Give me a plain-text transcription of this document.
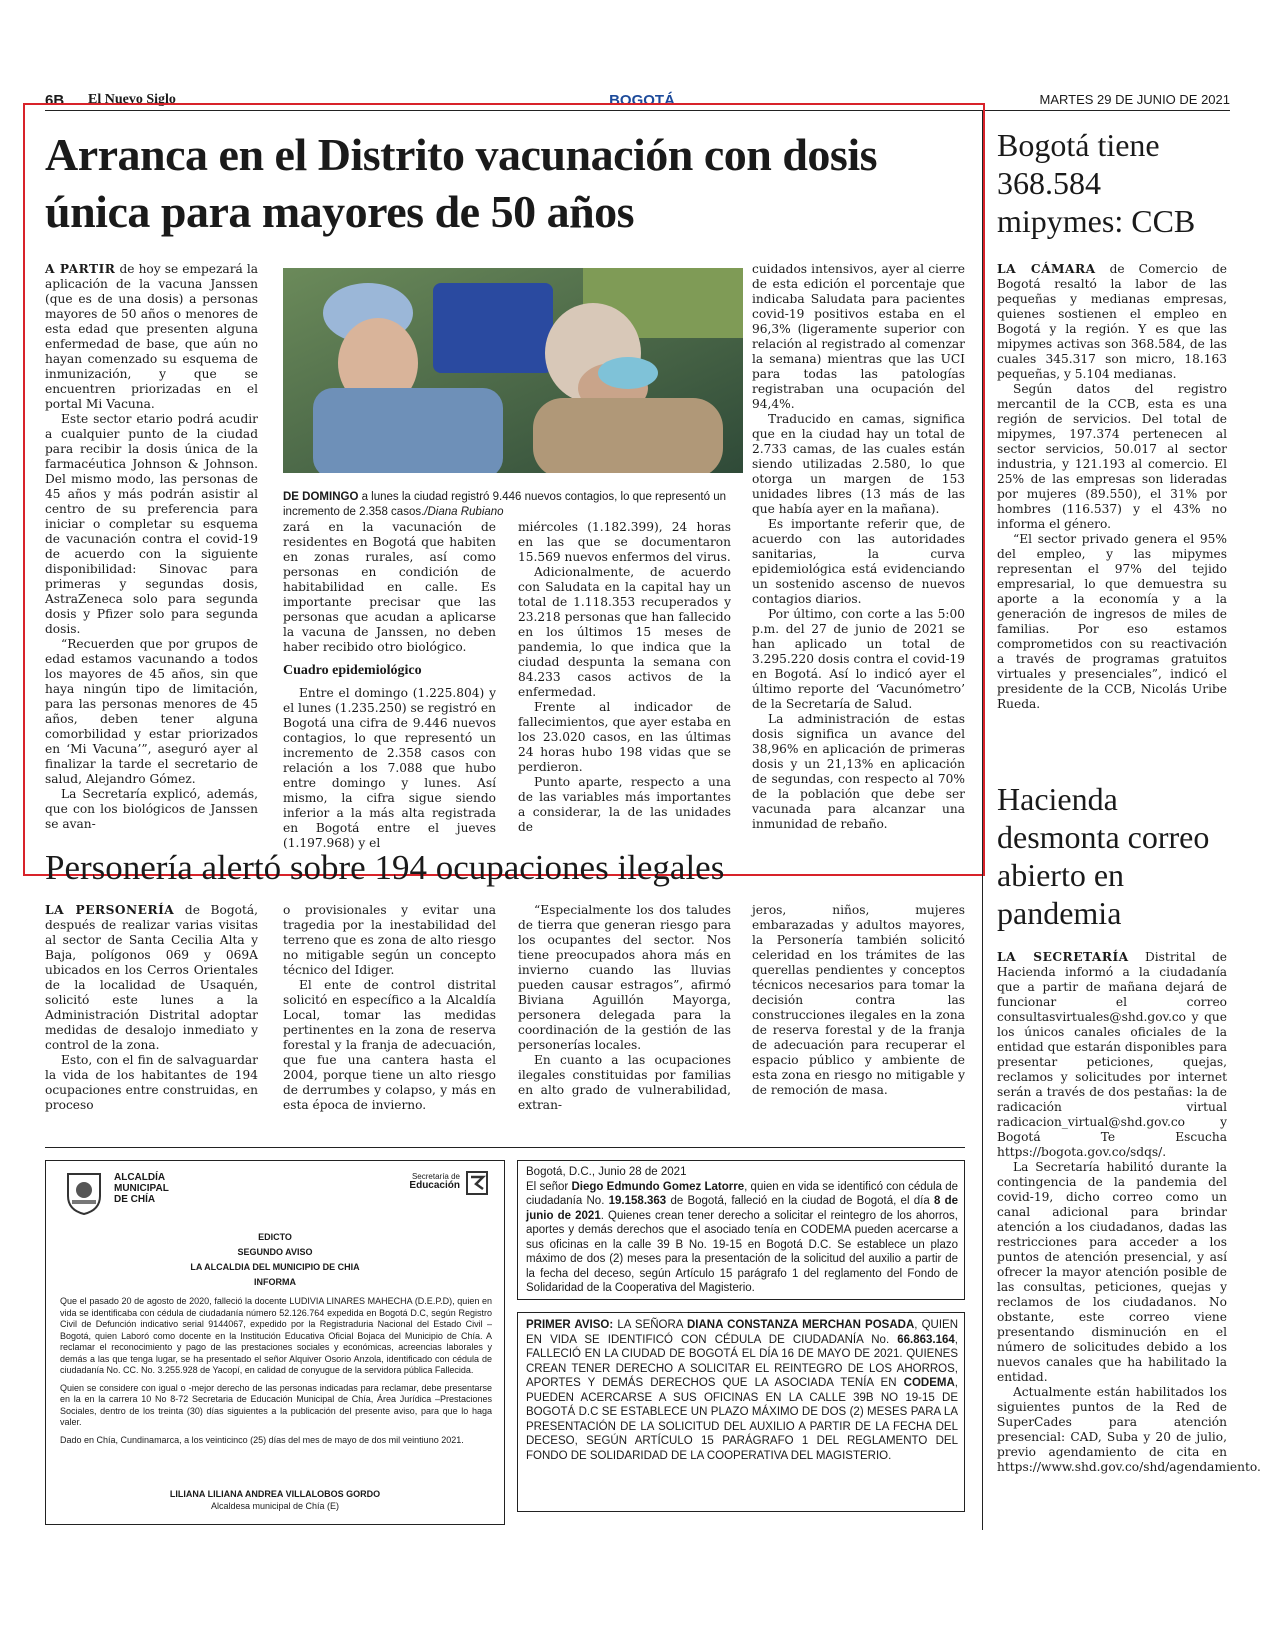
6B El Nuevo Siglo	BOGOTÁ	MARTES 29 DE JUNIO DE 2021
Arranca en el Distrito vacunación con dosis única para mayores de 50 años

A PARTIR de hoy se empezará la aplicación de la vacuna Janssen (que es de una dosis) a personas mayores de 50 años o menores de esta edad que presenten alguna enfermedad de base, que aún no hayan comenzado su esquema de inmunización, y que se encuentren priorizadas en el portal Mi Vacuna.

Este sector etario podrá acudir a cualquier punto de la ciudad para recibir la dosis única de la farmacéutica Johnson & Johnson. Del mismo modo, las personas de 45 años y más podrán asistir al centro de su preferencia para iniciar o completar su esquema de vacunación contra el covid-19 de acuerdo con la siguiente disponibilidad: Sinovac para primeras y segundas dosis, AstraZeneca solo para segunda dosis y Pfizer solo para segunda dosis.

“Recuerden que por grupos de edad estamos vacunando a todos los mayores de 45 años, sin que haya ningún tipo de limitación, para las personas menores de 45 años, deben tener alguna comorbilidad y estar priorizados en ‘Mi Vacuna’”, aseguró ayer al finalizar la tarde el secretario de salud, Alejandro Gómez.

La Secretaría explicó, además, que con los biológicos de Janssen se avan-

DE DOMINGO a lunes la ciudad registró 9.446 nuevos contagios, lo que representó un incremento de 2.358 casos./Diana Rubiano

zará en la vacunación de residentes en Bogotá que habiten en zonas rurales, así como personas en condición de habitabilidad en calle. Es importante precisar que las personas que acudan a aplicarse la vacuna de Janssen, no deben haber recibido otro biológico.

Cuadro epidemiológico

Entre el domingo (1.225.804) y el lunes (1.235.250) se registró en Bogotá una cifra de 9.446 nuevos contagios, lo que representó un incremento de 2.358 casos con relación a los 7.088 que hubo entre domingo y lunes. Así mismo, la cifra sigue siendo inferior a la más alta registrada en Bogotá entre el jueves (1.197.968) y el

miércoles (1.182.399), 24 horas en las que se documentaron 15.569 nuevos enfermos del virus.

Adicionalmente, de acuerdo con Saludata en la capital hay un total de 1.118.353 recuperados y 23.218 personas que han fallecido en los últimos 15 meses de pandemia, lo que indica que la ciudad despunta la semana con 84.233 casos activos de la enfermedad.

Frente al indicador de fallecimientos, que ayer estaba en los 23.020 casos, en las últimas 24 horas hubo 198 vidas que se perdieron.

Punto aparte, respecto a una de las variables más importantes a considerar, la de las unidades de

cuidados intensivos, ayer al cierre de esta edición el porcentaje que indicaba Saludata para pacientes covid-19 positivos estaba en el 96,3% (ligeramente superior con relación al registrado al comenzar la semana) mientras que las UCI para todas las patologías registraban una ocupación del 94,4%.

Traducido en camas, significa que en la ciudad hay un total de 2.733 camas, de las cuales están siendo utilizadas 2.580, lo que otorga un margen de 153 unidades libres (13 más de las que había ayer en la mañana).

Es importante referir que, de acuerdo con las autoridades sanitarias, la curva epidemiológica está evidenciando un sostenido ascenso de nuevos contagios diarios.

Por último, con corte a las 5:00 p.m. del 27 de junio de 2021 se han aplicado un total de 3.295.220 dosis contra el covid-19 en Bogotá. Así lo indicó ayer el último reporte del ‘Vacunómetro’ de la Secretaría de Salud.

La administración de estas dosis significa un avance del 38,96% en aplicación de primeras dosis y un 21,13% en aplicación de segundas, con respecto al 70% de la población que debe ser vacunada para alcanzar una inmunidad de rebaño.

Personería alertó sobre 194 ocupaciones ilegales

LA PERSONERÍA de Bogotá, después de realizar varias visitas al sector de Santa Cecilia Alta y Baja, polígonos 069 y 069A ubicados en los Cerros Orientales de la localidad de Usaquén, solicitó este lunes a la Administración Distrital adoptar medidas de desalojo inmediato y control de la zona.

Esto, con el fin de salvaguardar la vida de los habitantes de 194 ocupaciones entre construidas, en proceso

o provisionales y evitar una tragedia por la inestabilidad del terreno que es zona de alto riesgo no mitigable según un concepto técnico del Idiger.

El ente de control distrital solicitó en específico a la Alcaldía Local, tomar las medidas pertinentes en la zona de reserva forestal y la franja de adecuación, que fue una cantera hasta el 2004, porque tiene un alto riesgo de derrumbes y colapso, y más en esta época de invierno.

“Especialmente los dos taludes de tierra que generan riesgo para los ocupantes del sector. Nos tiene preocupados ahora más en invierno cuando las lluvias pueden causar estragos”, afirmó Biviana Aguillón Mayorga, personera delegada para la coordinación de la gestión de las personerías locales.

En cuanto a las ocupaciones ilegales constituidas por familias en alto grado de vulnerabilidad, extran-

jeros, niños, mujeres embarazadas y adultos mayores, la Personería también solicitó celeridad en los trámites de las querellas pendientes y conceptos técnicos necesarios para tomar la decisión contra las construcciones ilegales en la zona de reserva forestal y de la franja de adecuación para recuperar el espacio público y ambiente de esta zona en riesgo no mitigable y de remoción de masa.

ALCALDÍA
MUNICIPAL
DE CHÍA
Secretaría de
Educación
EDICTO
SEGUNDO AVISO
LA ALCALDIA DEL MUNICIPIO DE CHIA
INFORMA
Que el pasado 20 de agosto de 2020, falleció la docente LUDIVIA LINARES MAHECHA (D.E.P.D), quien en vida se identificaba con cédula de ciudadanía número 52.126.764 expedida en Bogotá D.C, según Registro Civil de Defunción indicativo serial 9144067, expedido por la Registraduria Nacional del Estado Civil – Bogotá, quien Laboró como docente en la Institución Educativa Oficial Bojaca del Municipio de Chía. A reclamar el reconocimiento y pago de las prestaciones sociales y económicas, acreencias laborales y demás a las que tenga lugar, se ha presentado el señor Alquiver Osorio Anzola, identificado con cédula de ciudadanía No. CC. No. 3.255.928 de Yacopí, en calidad de conyugue de la servidora pública Fallecida.
Quien se considere con igual o -mejor derecho de las personas indicadas para reclamar, debe presentarse en la en la carrera 10 No 8-72 Secretaria de Educación Municipal de Chía, Área Jurídica –Prestaciones Sociales, dentro de los treinta (30) días siguientes a la publicación del presente aviso, para que lo haga valer.
Dado en Chía, Cundinamarca, a los veinticinco (25) días del mes de mayo de dos mil veintiuno 2021.
LILIANA LILIANA ANDREA VILLALOBOS GORDO
Alcaldesa municipal de Chía (E)
Bogotá, D.C., Junio 28 de 2021
El señor Diego Edmundo Gomez Latorre, quien en vida se identificó con cédula de ciudadanía No. 19.158.363 de Bogotá, falleció en la ciudad de Bogotá, el día 8 de junio de 2021. Quienes crean tener derecho a solicitar el reintegro de los ahorros, aportes y demás derechos que el asociado tenía en CODEMA pueden acercarse a sus oficinas en la calle 39 B No. 19-15 en Bogotá D.C. Se establece un plazo máximo de dos (2) meses para la presentación de la solicitud del auxilio a partir de la fecha del deceso, según Artículo 15 parágrafo 1 del reglamento del Fondo de Solidaridad de la Cooperativa del Magisterio.
PRIMER AVISO: LA SEÑORA DIANA CONSTANZA MERCHAN POSADA, QUIEN EN VIDA SE IDENTIFICÓ CON CÉDULA DE CIUDADANÍA No. 66.863.164, FALLECIÓ EN LA CIUDAD DE BOGOTÁ EL DÍA 16 DE MAYO DE 2021. QUIENES CREAN TENER DERECHO A SOLICITAR EL REINTEGRO DE LOS AHORROS, APORTES Y DEMÁS DERECHOS QUE LA ASOCIADA TENÍA EN CODEMA, PUEDEN ACERCARSE A SUS OFICINAS EN LA CALLE 39B NO 19-15 DE BOGOTÁ D.C SE ESTABLECE UN PLAZO MÁXIMO DE DOS (2) MESES PARA LA PRESENTACIÓN DE LA SOLICITUD DEL AUXILIO A PARTIR DE LA FECHA DEL DECESO, SEGÚN ARTÍCULO 15 PARÁGRAFO 1 DEL REGLAMENTO DEL FONDO DE SOLIDARIDAD DE LA COOPERATIVA DEL MAGISTERIO.
Bogotá tiene 368.584 mipymes: CCB

LA CÁMARA de Comercio de Bogotá resaltó la labor de las pequeñas y medianas empresas, quienes sostienen el empleo en Bogotá y la región. Y es que las mipymes activas son 368.584, de las cuales 345.317 son micro, 18.163 pequeñas, y 5.104 medianas.

Según datos del registro mercantil de la CCB, esta es una región de servicios. Del total de mipymes, 197.374 pertenecen al sector servicios, 50.017 al sector industria, y 121.193 al comercio. El 25% de las empresas son lideradas por mujeres (89.550), el 31% por hombres (116.537) y el 43% no informa el género.

“El sector privado genera el 95% del empleo, y las mipymes representan el 97% del tejido empresarial, lo que demuestra su aporte a la economía y a la generación de ingresos de miles de familias. Por eso estamos comprometidos con su reactivación a través de programas gratuitos virtuales y presenciales”, indicó el presidente de la CCB, Nicolás Uribe Rueda.

Hacienda desmonta correo abierto en pandemia

LA SECRETARÍA Distrital de Hacienda informó a la ciudadanía que a partir de mañana dejará de funcionar el correo consultasvirtuales@shd.gov.co y que los únicos canales oficiales de la entidad que estarán disponibles para presentar peticiones, quejas, reclamos y solicitudes por internet serán a través de dos pestañas: la de radicación virtual radicacion_virtual@shd.gov.co y Bogotá Te Escucha https://bogota.gov.co/sdqs/.

La Secretaría habilitó durante la contingencia de la pandemia del covid-19, dicho correo como un canal adicional para brindar atención a los ciudadanos, dadas las restricciones para acceder a los puntos de atención presencial, y así ofrecer la mayor atención posible de las consultas, peticiones, quejas y reclamos de los ciudadanos. No obstante, este correo viene presentando disminución en el número de solicitudes debido a los nuevos canales que ha habilitado la entidad.

Actualmente están habilitados los siguientes puntos de la Red de SuperCades para atención presencial: CAD, Suba y 20 de julio, previo agendamiento de cita en https://www.shd.gov.co/shd/agendamiento.
